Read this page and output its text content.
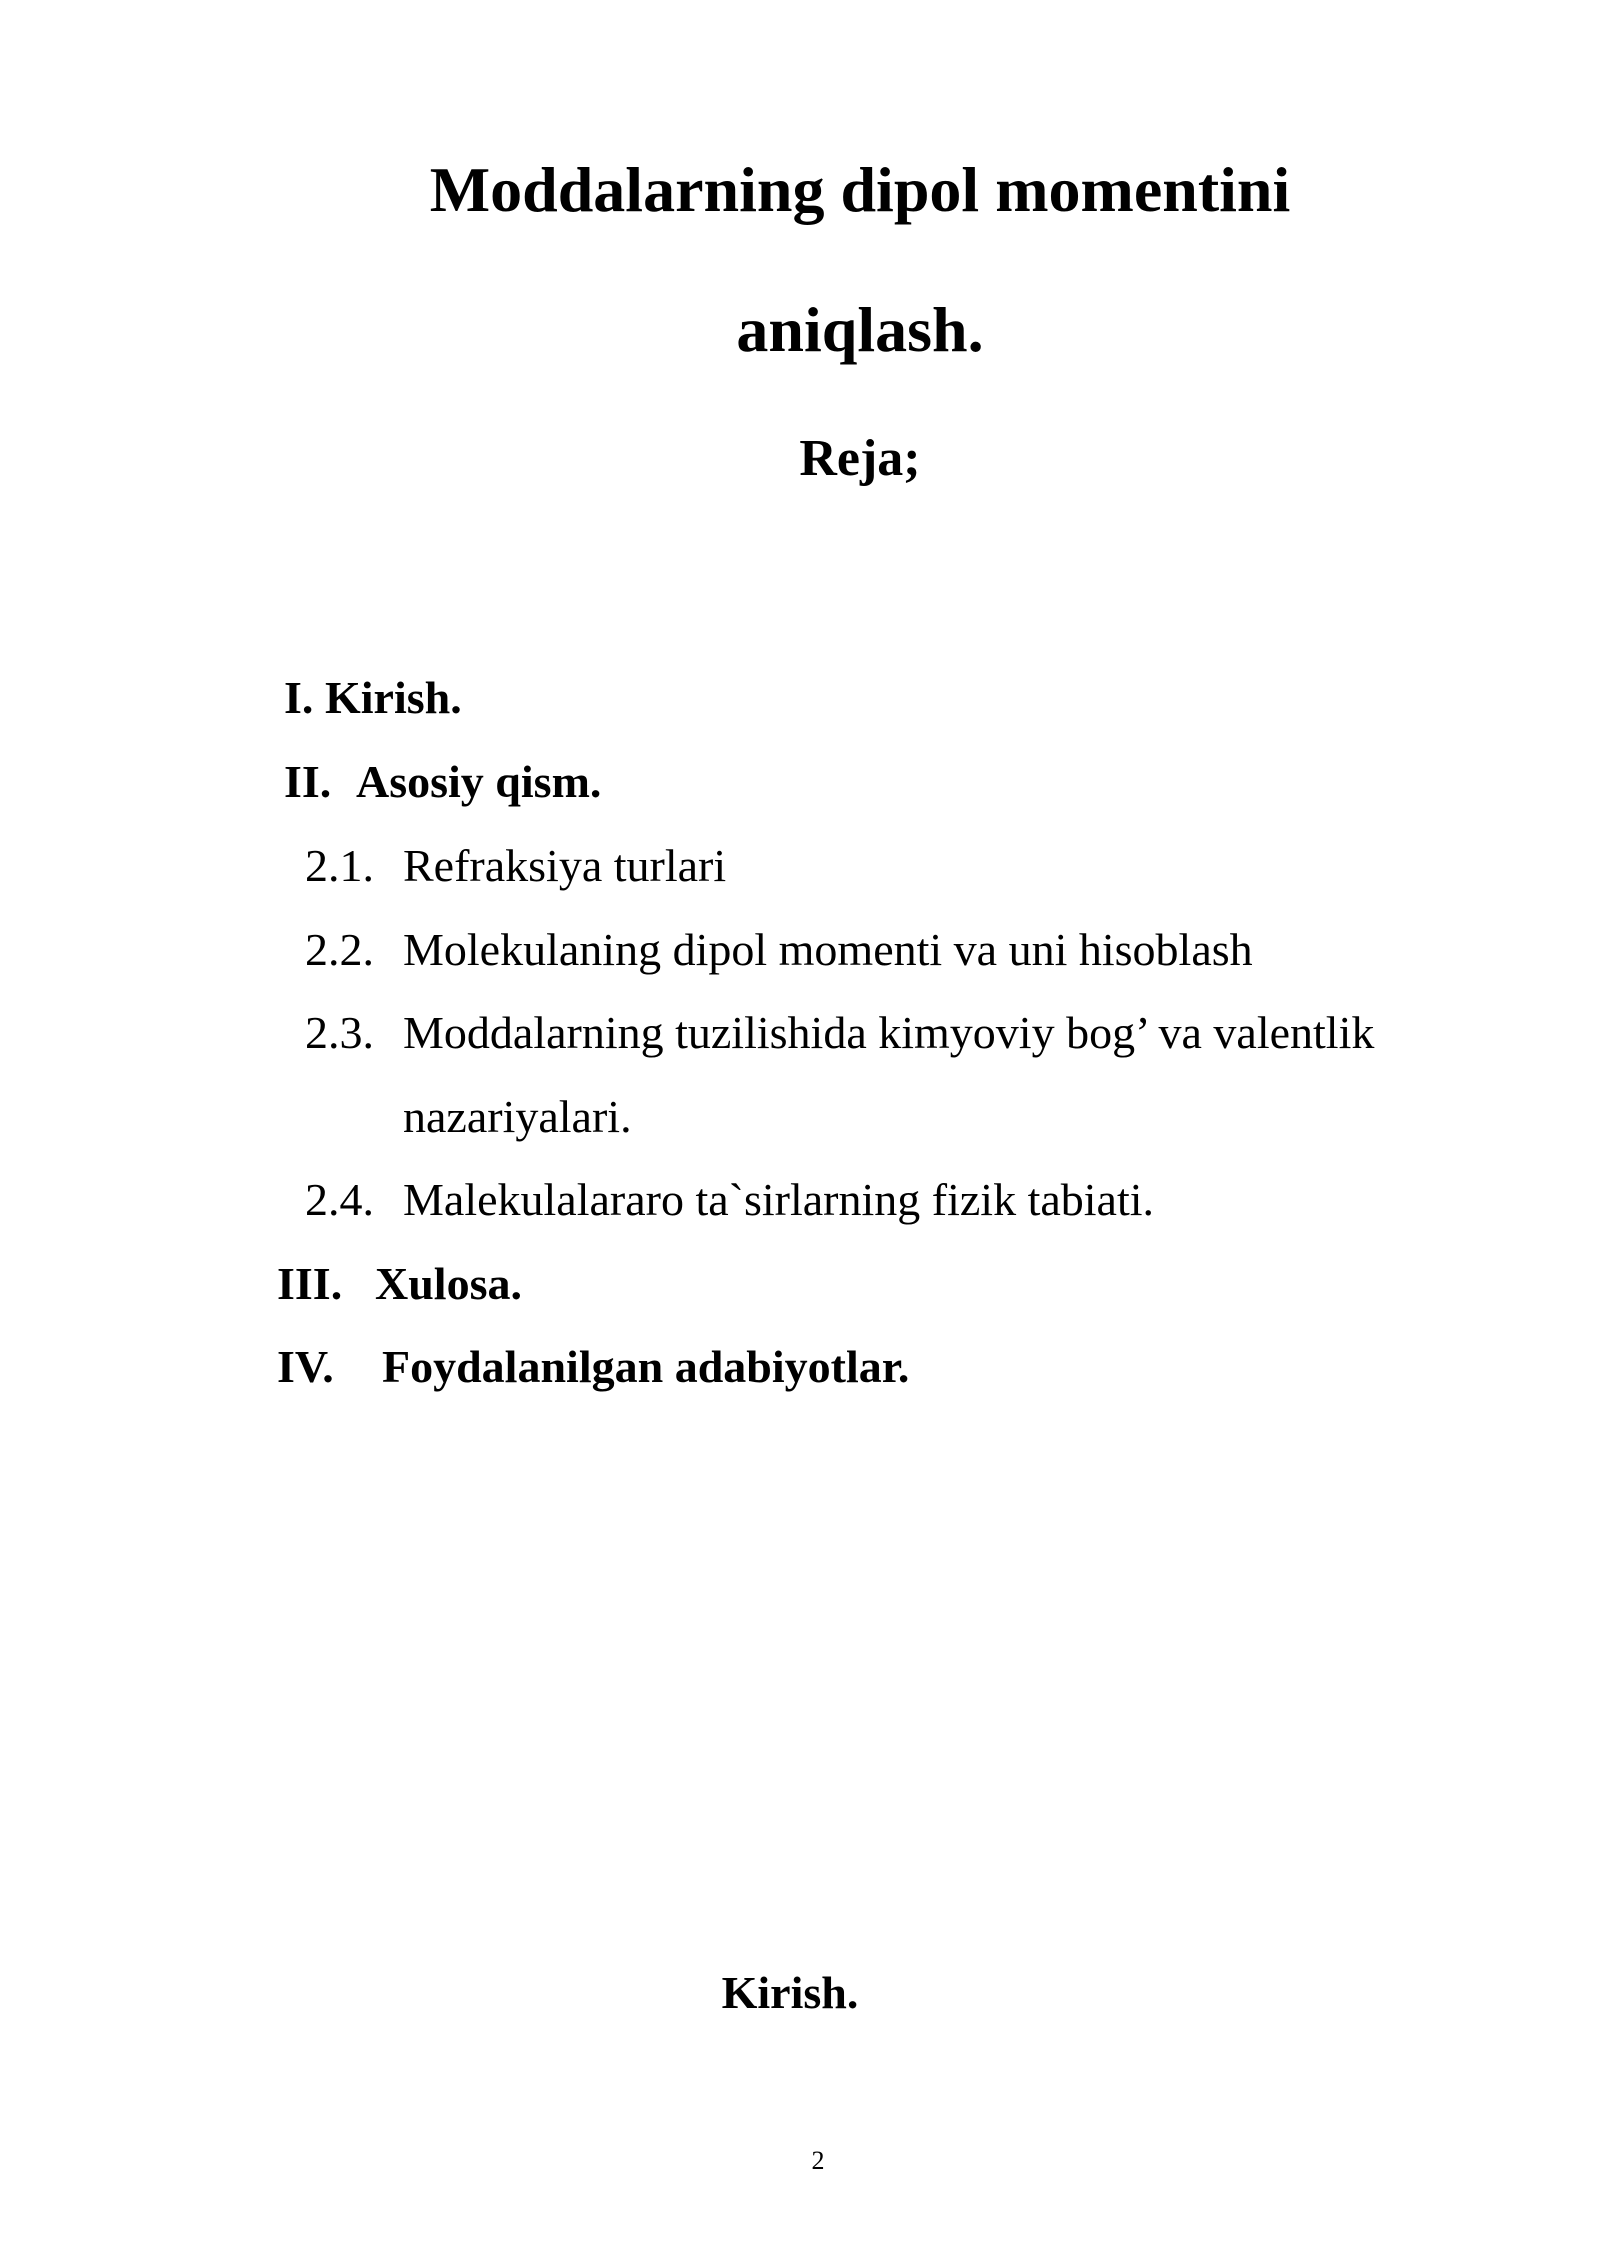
Moddalarning dipol momentini
aniqlash.
Reja;
I. Kirish.
II. Asosiy qism.
2.1. Refraksiya turlari
2.2. Molekulaning dipol momenti va uni hisoblash
2.3. Moddalarning tuzilishida kimyoviy bog’ va valentlik
nazariyalari.
2.4. Malekulalararo ta`sirlarning fizik tabiati.
III. Xulosa.
IV. Foydalanilgan adabiyotlar.
Kirish.
2
